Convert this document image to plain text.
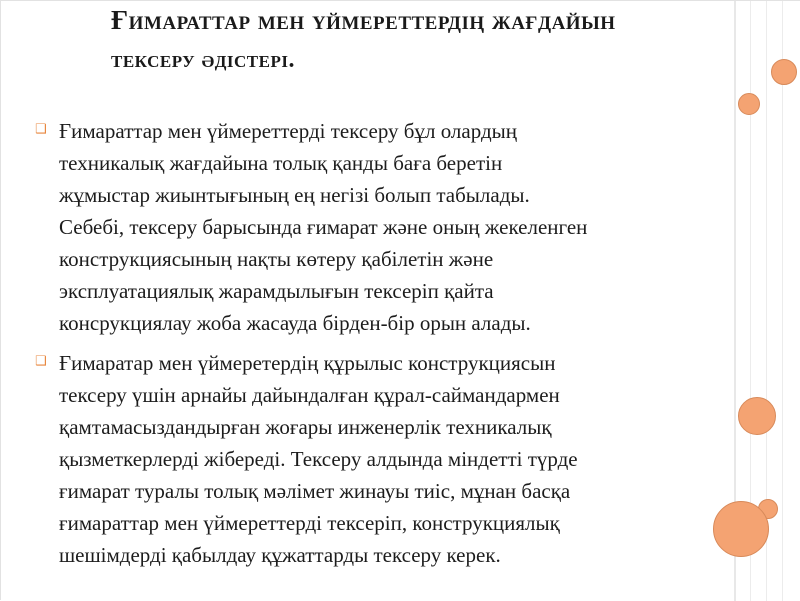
Ғимараттар мен үймереттердің жағдайын
тексеру әдістері.
❑ Ғимараттар мен үймереттерді тексеру бұл олардың
техникалық жағдайына толық қанды баға беретін
жұмыстар жиынтығының ең негізі болып табылады.
Себебі, тексеру барысында ғимарат және оның жекеленген
конструкциясының нақты көтеру қабілетін және
эксплуатациялық жарамдылығын тексеріп қайта
консрукциялау жоба жасауда бірден-бір орын алады.
❑ Ғимаратар мен үймеретердің құрылыс конструкциясын
тексеру үшін арнайы дайындалған құрал-саймандармен
қамтамасыздандырған жоғары инженерлік техникалық
қызметкерлерді жібереді. Тексеру алдында міндетті түрде
ғимарат туралы толық мәлімет жинауы тиіс, мұнан басқа
ғимараттар мен үймереттерді тексеріп, конструкциялық
шешімдерді қабылдау құжаттарды тексеру керек.
